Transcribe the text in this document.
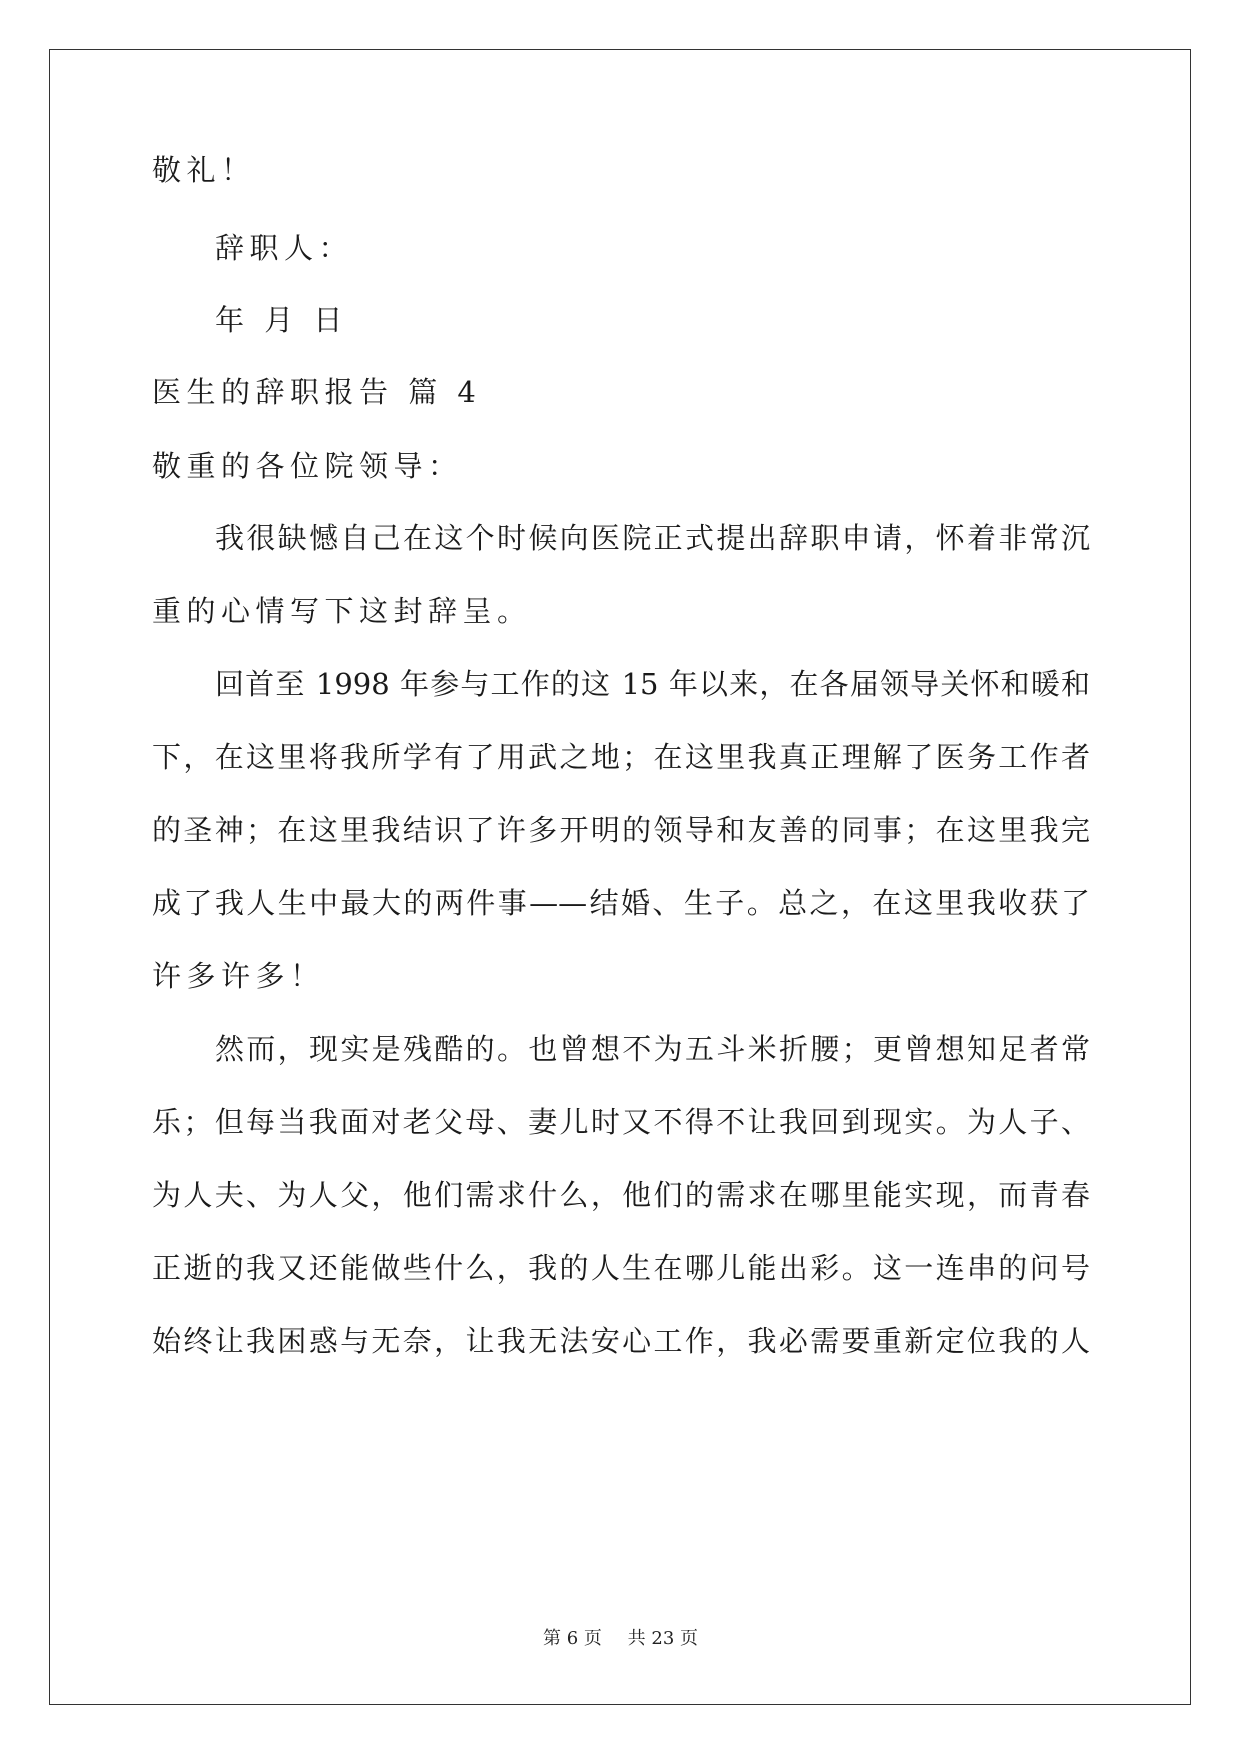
敬礼！
辞职人：
年 月 日
医生的辞职报告 篇 4
敬重的各位院领导：
我很缺憾自己在这个时候向医院正式提出辞职申请，怀着非常沉
重的心情写下这封辞呈。
回首至 1998 年参与工作的这 15 年以来，在各届领导关怀和暖和
下，在这里将我所学有了用武之地；在这里我真正理解了医务工作者
的圣神；在这里我结识了许多开明的领导和友善的同事；在这里我完
成了我人生中最大的两件事——结婚、生子。总之，在这里我收获了
许多许多！
然而，现实是残酷的。也曾想不为五斗米折腰；更曾想知足者常
乐；但每当我面对老父母、妻儿时又不得不让我回到现实。为人子、
为人夫、为人父，他们需求什么，他们的需求在哪里能实现，而青春
正逝的我又还能做些什么，我的人生在哪儿能出彩。这一连串的问号
始终让我困惑与无奈，让我无法安心工作，我必需要重新定位我的人
第 6 页 共 23 页
